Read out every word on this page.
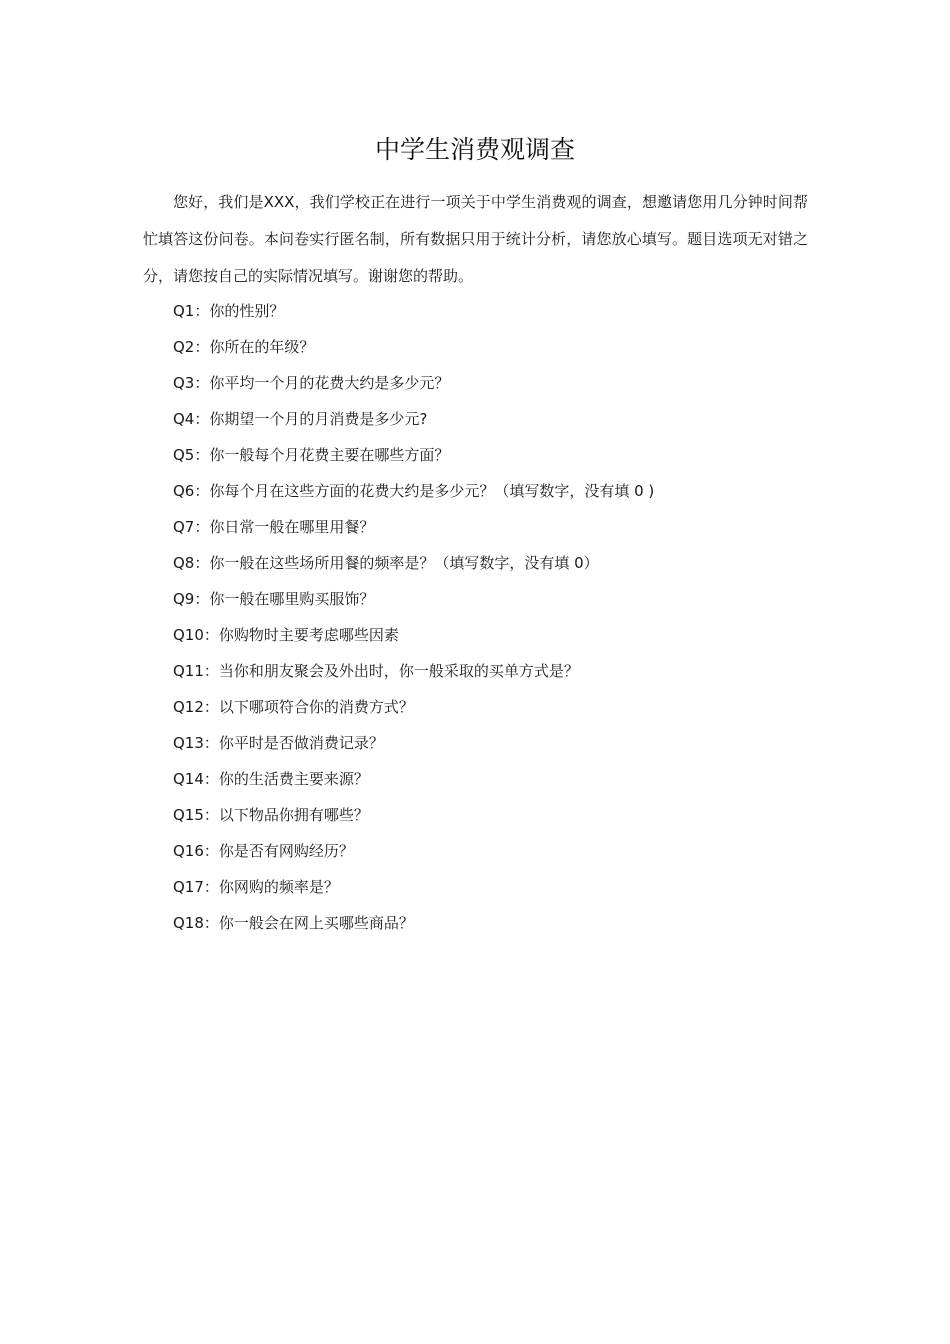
中学生消费观调查

您好，我们是XXX，我们学校正在进行一项关于中学生消费观的调查，想邀请您用几分钟时间帮忙填答这份问卷。本问卷实行匿名制，所有数据只用于统计分析，请您放心填写。题目选项无对错之分，请您按自己的实际情况填写。谢谢您的帮助。

Q1：你的性别？
Q2：你所在的年级？
Q3：你平均一个月的花费大约是多少元？
Q4：你期望一个月的月消费是多少元?
Q5：你一般每个月花费主要在哪些方面？
Q6：你每个月在这些方面的花费大约是多少元？（填写数字，没有填 0 )
Q7：你日常一般在哪里用餐？
Q8：你一般在这些场所用餐的频率是？（填写数字，没有填 0）
Q9：你一般在哪里购买服饰？
Q10：你购物时主要考虑哪些因素
Q11：当你和朋友聚会及外出时，你一般采取的买单方式是？
Q12：以下哪项符合你的消费方式？
Q13：你平时是否做消费记录？
Q14：你的生活费主要来源？
Q15：以下物品你拥有哪些？
Q16：你是否有网购经历？
Q17：你网购的频率是？
Q18：你一般会在网上买哪些商品？
